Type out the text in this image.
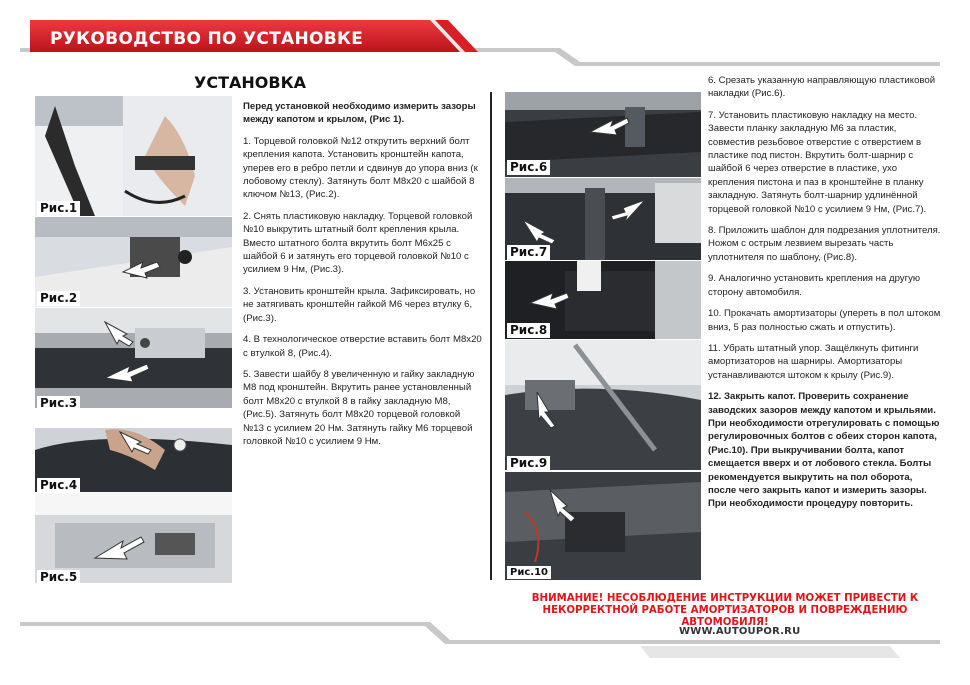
РУКОВОДСТВО ПО УСТАНОВКЕ
УСТАНОВКА
Рис.1
Рис.2
Рис.3
Рис.4
Рис.5

Перед установкой необходимо измерить зазоры между капотом и крылом, (Рис 1).

1. Торцевой головкой №12 открутить верхний болт крепления капота. Установить кронштейн капота, уперев его в ребро петли и сдвинув до упора вниз (к лобовому стеклу). Затянуть болт М8х20 с шайбой 8 ключом №13, (Рис.2).

2. Снять пластиковую накладку. Торцевой головкой №10 выкрутить штатный болт крепления крыла. Вместо штатного болта вкрутить болт М6х25 с шайбой 6 и затянуть его торцевой головкой №10 с усилием 9 Нм, (Рис.3).

3. Установить кронштейн крыла. Зафиксировать, но не затягивать кронштейн гайкой М6 через втулку 6, (Рис.3).

4. В технологическое отверстие вставить болт М8х20 с втулкой 8, (Рис.4).

5. Завести шайбу 8 увеличенную и гайку закладную М8 под кронштейн. Вкрутить ранее установленный болт М8х20 с втулкой 8 в гайку закладную М8, (Рис.5). Затянуть болт М8х20 торцевой головкой №13 с усилием 20 Нм. Затянуть гайку М6 торцевой головкой №10 с усилием 9 Нм.

Рис.6
Рис.7
Рис.8
Рис.9
Рис.10

6. Срезать указанную направляющую пластиковой накладки (Рис.6).

7. Установить пластиковую накладку на место. Завести планку закладную М6 за пластик, совместив резьбовое отверстие с отверстием в пластике под пистон. Вкрутить болт-шарнир с шайбой 6 через отверстие в пластике, ухо крепления пистона и паз в кронштейне в планку закладную. Затянуть болт-шарнир удлинённой торцевой головкой №10 с усилием 9 Нм, (Рис.7).

8. Приложить шаблон для подрезания уплотнителя. Ножом с острым лезвием вырезать часть уплотнителя по шаблону, (Рис.8).

9. Аналогично установить крепления на другую сторону автомобиля.

10. Прокачать амортизаторы (упереть в пол штоком вниз, 5 раз полностью сжать и отпустить).

11. Убрать штатный упор. Защёлкнуть фитинги амортизаторов на шарниры. Амортизаторы устанавливаются штоком к крылу (Рис.9).

12. Закрыть капот. Проверить сохранение заводских зазоров между капотом и крыльями. При необходимости отрегулировать с помощью регулировочных болтов с обеих сторон капота, (Рис.10). При выкручивании болта, капот смещается вверх и от лобового стекла. Болты рекомендуется выкрутить на пол оборота, после чего закрыть капот и измерить зазоры. При необходимости процедуру повторить.

ВНИМАНИЕ! НЕСОБЛЮДЕНИЕ ИНСТРУКЦИИ МОЖЕТ ПРИВЕСТИ К
НЕКОРРЕКТНОЙ РАБОТЕ АМОРТИЗАТОРОВ И ПОВРЕЖДЕНИЮ АВТОМОБИЛЯ!
WWW.AUTOUPOR.RU
